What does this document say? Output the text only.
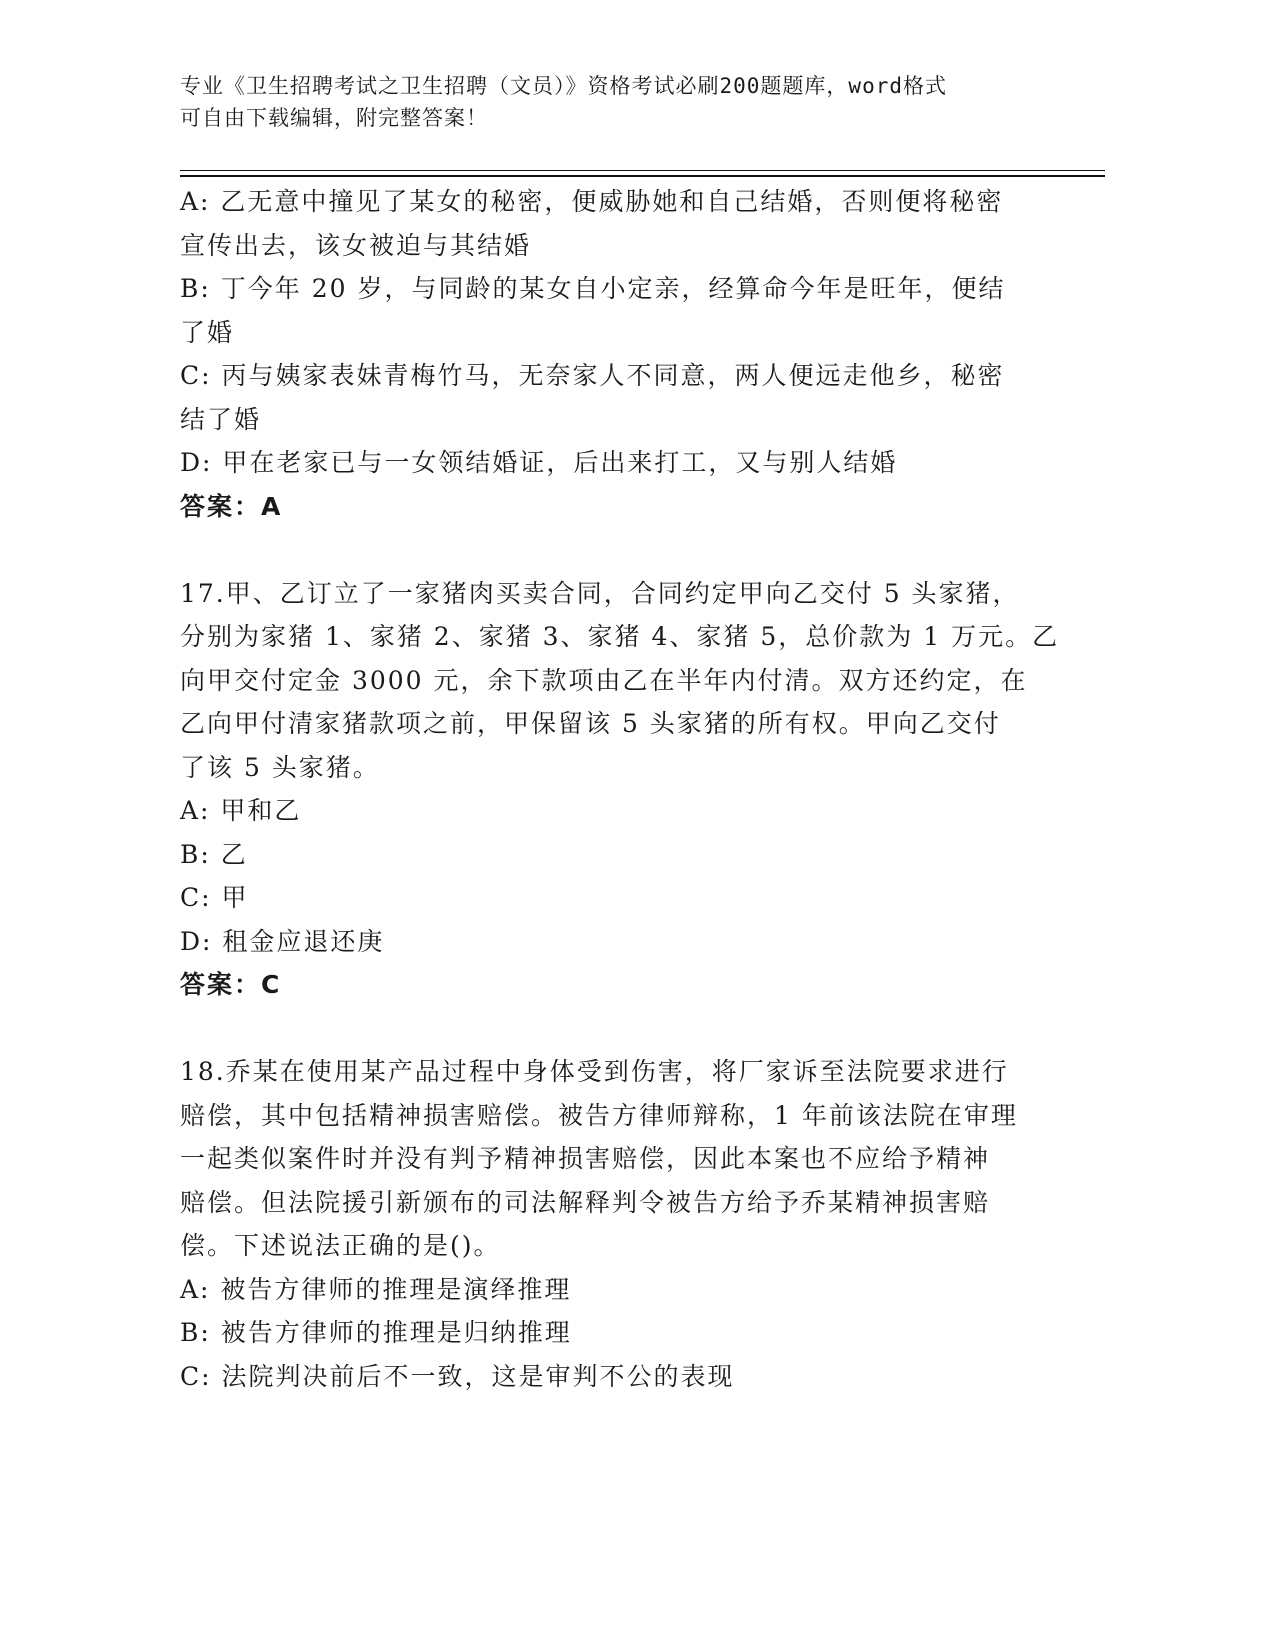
专业《卫生招聘考试之卫生招聘（文员）》资格考试必刷200题题库，word格式
可自由下载编辑，附完整答案！
A: 乙无意中撞见了某女的秘密，便威胁她和自己结婚，否则便将秘密
宣传出去，该女被迫与其结婚
B: 丁今年 20 岁，与同龄的某女自小定亲，经算命今年是旺年，便结
了婚
C: 丙与姨家表妹青梅竹马，无奈家人不同意，两人便远走他乡，秘密
结了婚
D: 甲在老家已与一女领结婚证，后出来打工，又与别人结婚
答案：A
17.甲、乙订立了一家猪肉买卖合同，合同约定甲向乙交付 5 头家猪，
分别为家猪 1、家猪 2、家猪 3、家猪 4、家猪 5，总价款为 1 万元。乙
向甲交付定金 3000 元，余下款项由乙在半年内付清。双方还约定，在
乙向甲付清家猪款项之前，甲保留该 5 头家猪的所有权。甲向乙交付
了该 5 头家猪。
A: 甲和乙
B: 乙
C: 甲
D: 租金应退还庚
答案：C
18.乔某在使用某产品过程中身体受到伤害，将厂家诉至法院要求进行
赔偿，其中包括精神损害赔偿。被告方律师辩称，1 年前该法院在审理
一起类似案件时并没有判予精神损害赔偿，因此本案也不应给予精神
赔偿。但法院援引新颁布的司法解释判令被告方给予乔某精神损害赔
偿。下述说法正确的是()。
A: 被告方律师的推理是演绎推理
B: 被告方律师的推理是归纳推理
C: 法院判决前后不一致，这是审判不公的表现
